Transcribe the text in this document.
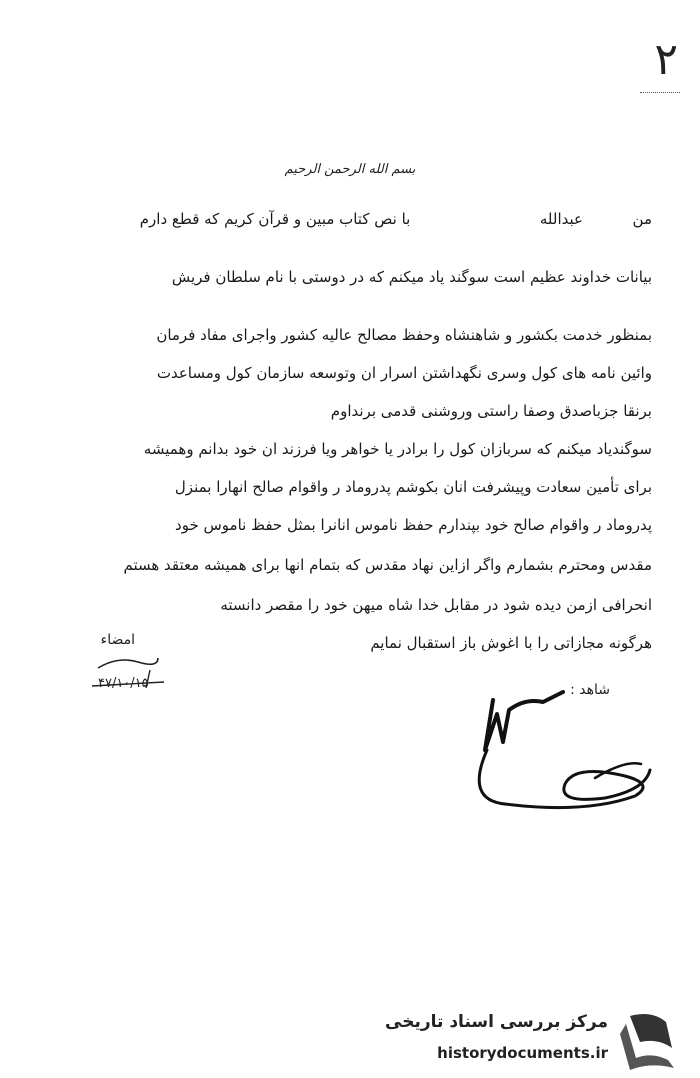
۲
بسم الله الرحمن الرحیم
من  عبدالله  با نص کتاب مبین و قرآن کریم که قطع دارم
بیانات خداوند عظیم است سوگند یاد میکنم که در دوستی با نام سلطان فریش
بمنظور خدمت بکشور و شاهنشاه وحفظ مصالح عالیه کشور واجرای مفاد فرمان
وائین نامه های کول وسری نگهداشتن اسرار ان وتوسعه سازمان کول ومساعدت
برنقا جزباصدق وصفا راستی وروشنی قدمی برنداوم
سوگندیاد میکنم که سربازان کول را برادر یا خواهر ویا فرزند ان خود بدانم وهمیشه
برای تأمین سعادت وپیشرفت انان بکوشم پدروماد ر واقوام صالح انهارا بمنزل
پدروماد ر واقوام صالح خود بپندارم حفظ ناموس انانرا بمثل حفظ ناموس خود
مقدس ومحترم بشمارم واگر ازاین نهاد مقدس که بتمام انها برای همیشه معتقد هستم
انحرافی ازمن دیده شود در مقابل خدا شاه میهن خود را مقصر دانسته
هرگونه مجازاتی را با اغوش باز استقبال نمایم
امضاء
۴۷/۱۰/۱۵	شاهد :
مرکز بررسی اسناد تاریخی
historydocuments.ir
